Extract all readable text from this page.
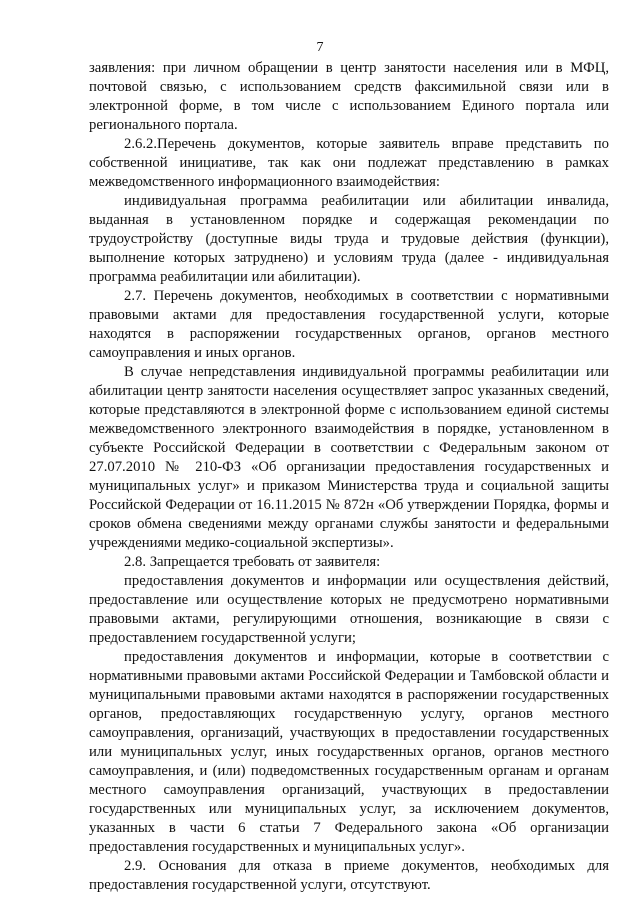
7

заявления: при личном обращении в центр занятости населения или в МФЦ, почтовой связью, с использованием средств факсимильной связи или в электронной форме, в том числе с использованием Единого портала или регионального портала.

2.6.2.Перечень документов, которые заявитель вправе представить по собственной инициативе, так как они подлежат представлению в рамках межведомственного информационного взаимодействия:

индивидуальная программа реабилитации или абилитации инвалида, выданная в установленном порядке и содержащая рекомендации по трудоустройству (доступные виды труда и трудовые действия (функции), выполнение которых затруднено) и условиям труда (далее - индивидуальная программа реабилитации или абилитации).

2.7. Перечень документов, необходимых в соответствии с нормативными правовыми актами для предоставления государственной услуги, которые находятся в распоряжении государственных органов, органов местного самоуправления и иных органов.

В случае непредставления индивидуальной программы реабилитации или абилитации центр занятости населения осуществляет запрос указанных сведений, которые представляются в электронной форме с использованием единой системы межведомственного электронного взаимодействия в порядке, установленном в субъекте Российской Федерации в соответствии с Федеральным законом от 27.07.2010 № 210-ФЗ «Об организации предоставления государственных и муниципальных услуг» и приказом Министерства труда и социальной защиты Российской Федерации от 16.11.2015 № 872н «Об утверждении Порядка, формы и сроков обмена сведениями между органами службы занятости и федеральными учреждениями медико-социальной экспертизы».

2.8. Запрещается требовать от заявителя:

предоставления документов и информации или осуществления действий, предоставление или осуществление которых не предусмотрено нормативными правовыми актами, регулирующими отношения, возникающие в связи с предоставлением государственной услуги;

предоставления документов и информации, которые в соответствии с нормативными правовыми актами Российской Федерации и Тамбовской области и муниципальными правовыми актами находятся в распоряжении государственных органов, предоставляющих государственную услугу, органов местного самоуправления, организаций, участвующих в предоставлении государственных или муниципальных услуг, иных государственных органов, органов местного самоуправления, и (или) подведомственных государственным органам и органам местного самоуправления организаций, участвующих в предоставлении государственных или муниципальных услуг, за исключением документов, указанных в части 6 статьи 7 Федерального закона «Об организации предоставления государственных и муниципальных услуг».

2.9. Основания для отказа в приеме документов, необходимых для предоставления государственной услуги, отсутствуют.
